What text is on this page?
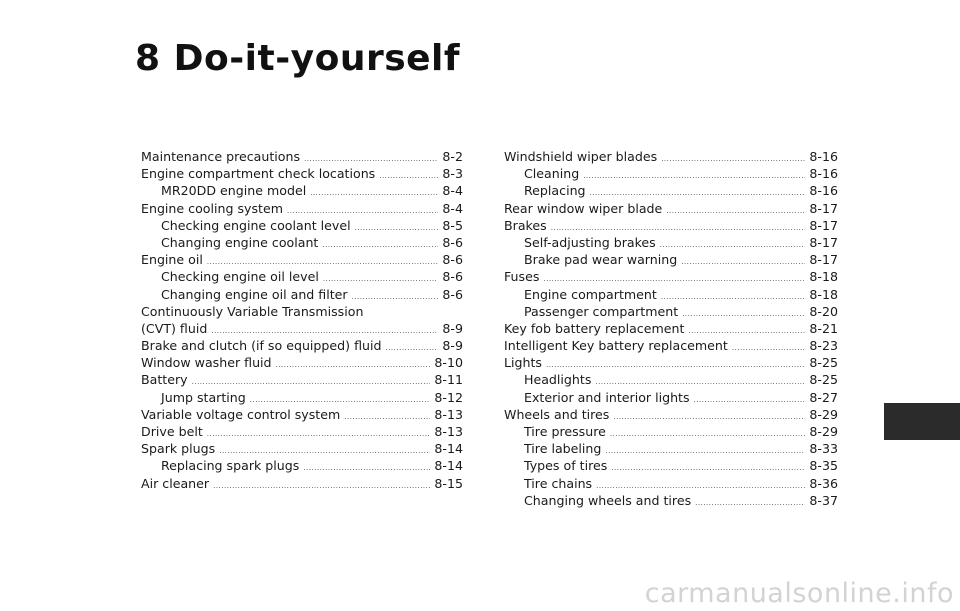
8 Do-it-yourself
Maintenance precautions .....	8-2
Engine compartment check locations .....	8-3
MR20DD engine model .....	8-4
Engine cooling system .....	8-4
Checking engine coolant level .....	8-5
Changing engine coolant .....	8-6
Engine oil .....	8-6
Checking engine oil level .....	8-6
Changing engine oil and filter .....	8-6
Continuously Variable Transmission
(CVT) fluid .....	8-9
Brake and clutch (if so equipped) fluid .....	8-9
Window washer fluid .....	8-10
Battery .....	8-11
Jump starting .....	8-12
Variable voltage control system .....	8-13
Drive belt .....	8-13
Spark plugs .....	8-14
Replacing spark plugs .....	8-14
Air cleaner .....	8-15
Windshield wiper blades .....	8-16
Cleaning .....	8-16
Replacing .....	8-16
Rear window wiper blade .....	8-17
Brakes .....	8-17
Self-adjusting brakes .....	8-17
Brake pad wear warning .....	8-17
Fuses .....	8-18
Engine compartment .....	8-18
Passenger compartment .....	8-20
Key fob battery replacement .....	8-21
Intelligent Key battery replacement .....	8-23
Lights .....	8-25
Headlights .....	8-25
Exterior and interior lights .....	8-27
Wheels and tires .....	8-29
Tire pressure .....	8-29
Tire labeling .....	8-33
Types of tires .....	8-35
Tire chains .....	8-36
Changing wheels and tires .....	8-37
carmanualsonline.info
